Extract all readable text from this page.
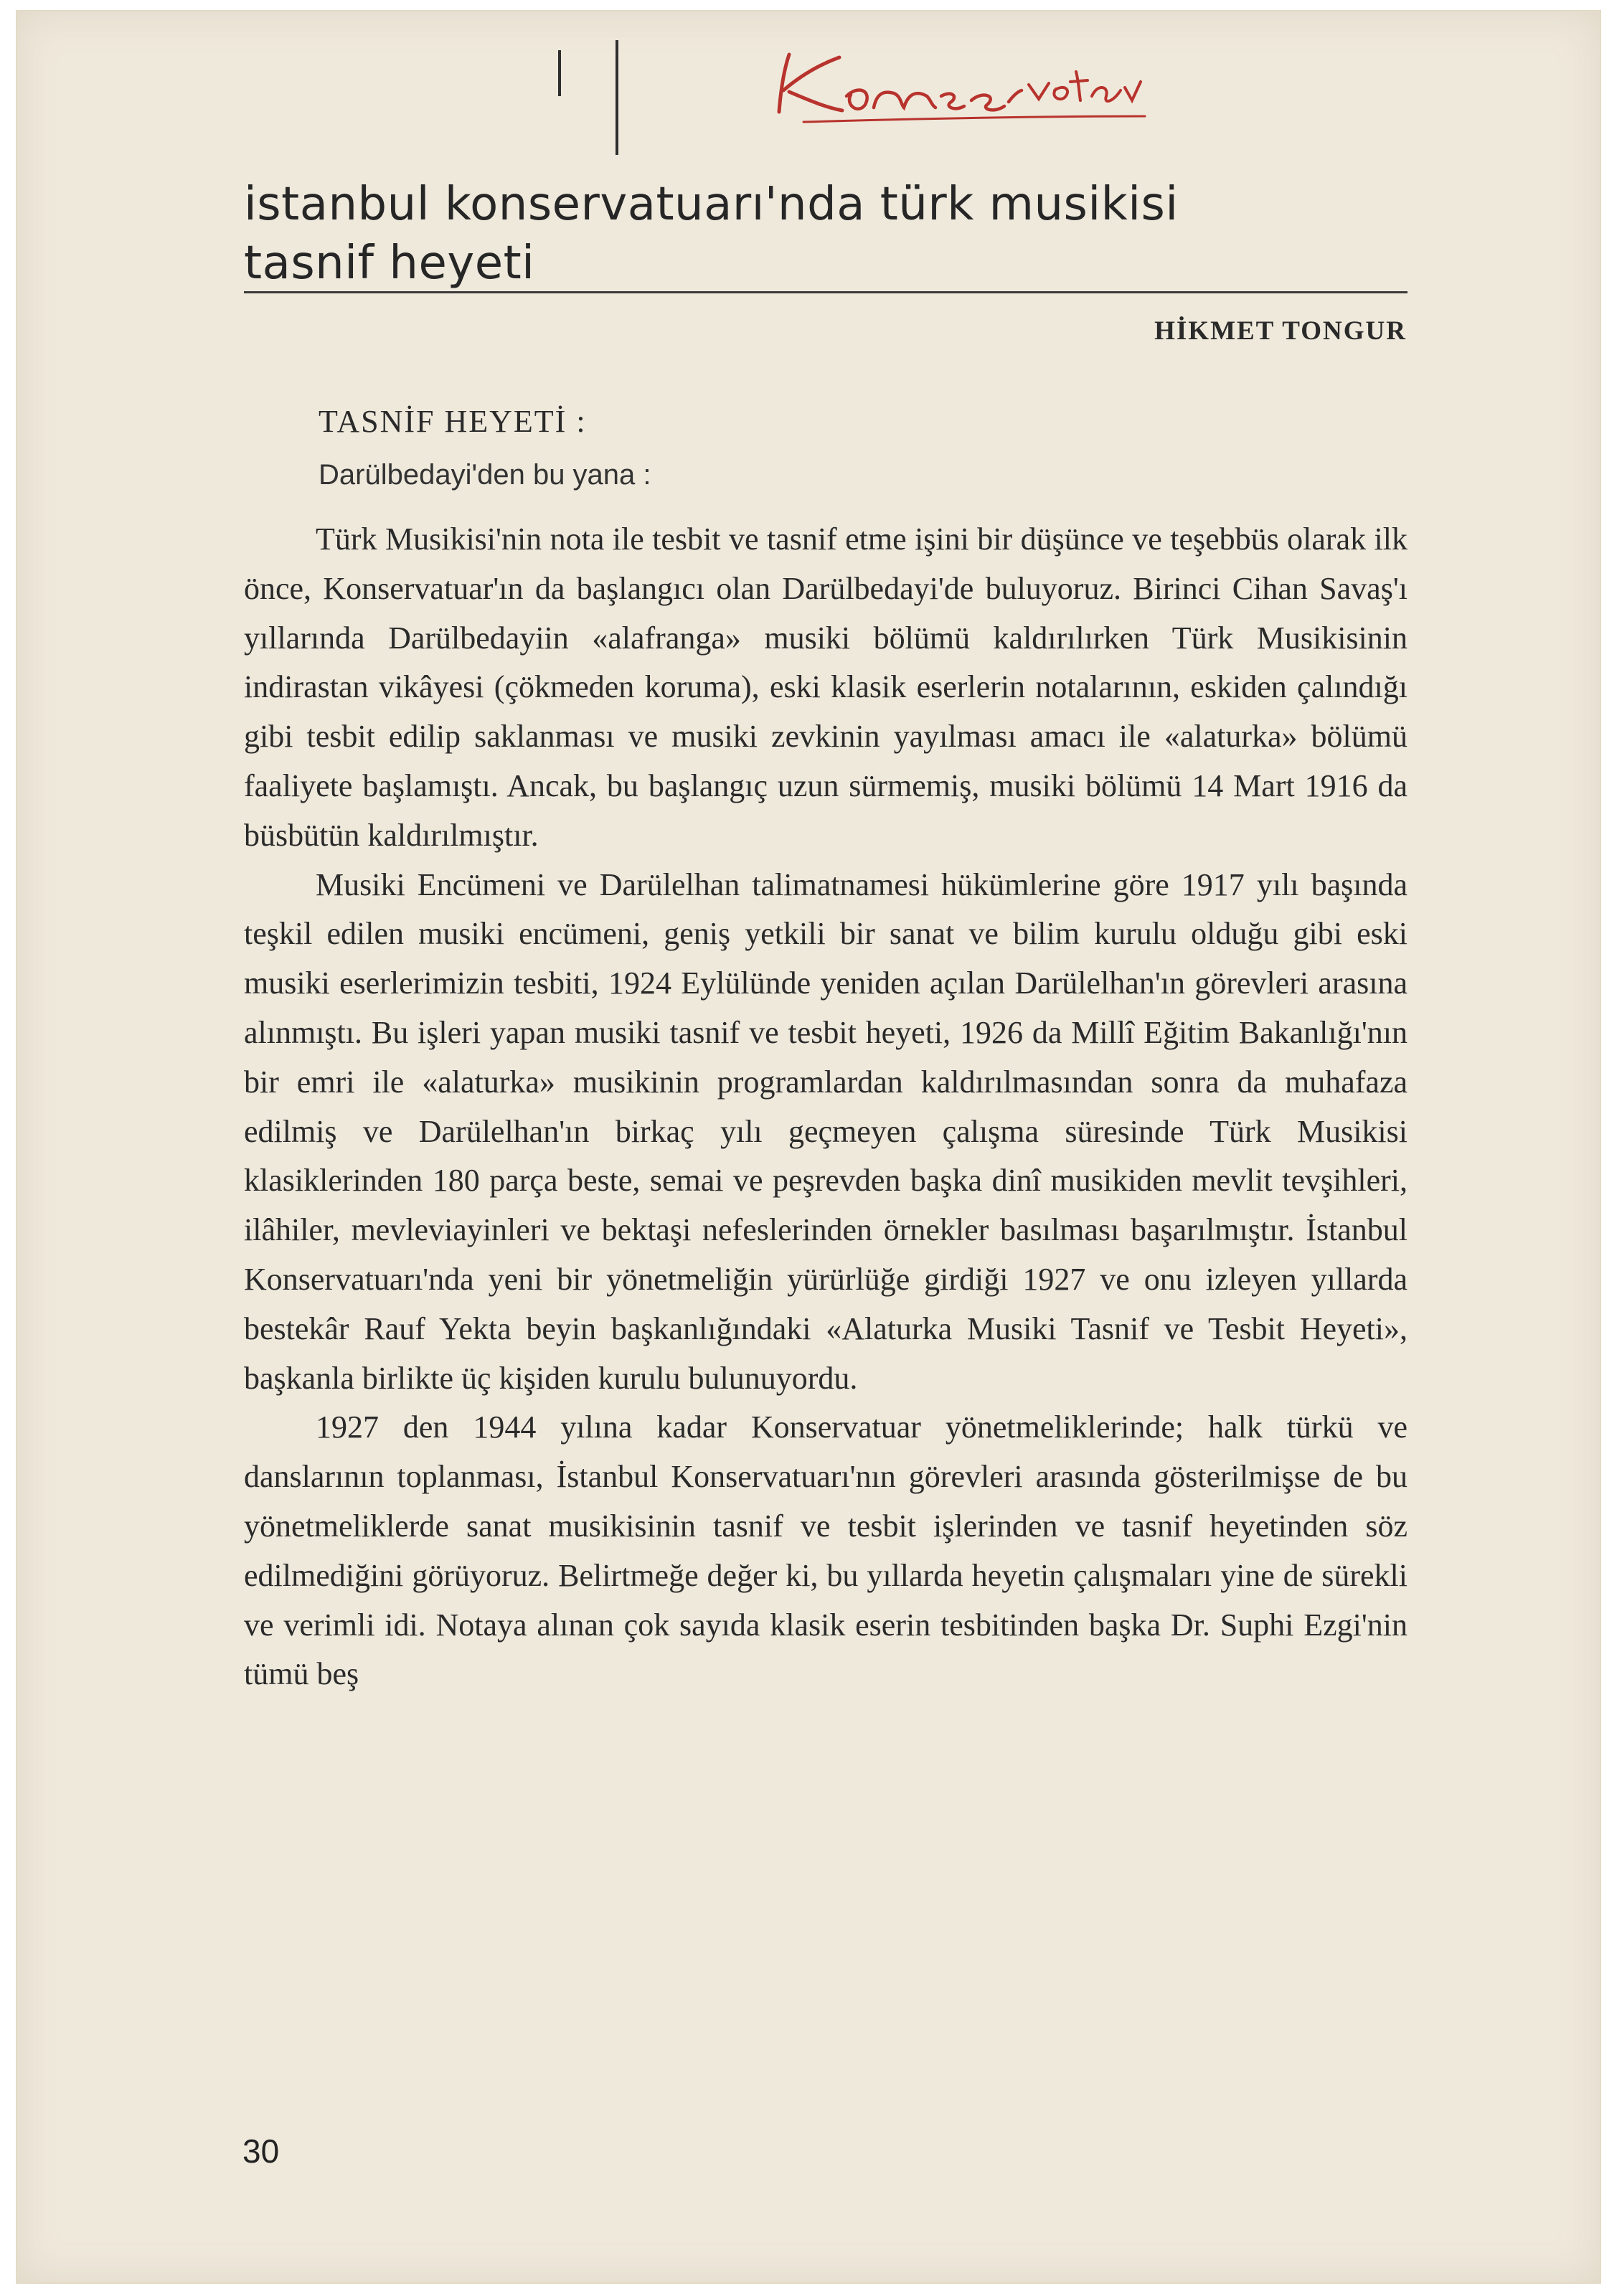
istanbul konservatuarı'nda türk musikisi
tasnif heyeti
HİKMET TONGUR
TASNİF HEYETİ :
Darülbedayi'den bu yana :

Türk Musikisi'nin nota ile tesbit ve tasnif etme işini bir düşünce ve teşebbüs olarak ilk önce, Konservatuar'ın da başlangıcı olan Darülbedayi'de buluyoruz. Birinci Cihan Savaş'ı yıllarında Darülbedayiin «alafranga» musiki bölümü kaldırılırken Türk Musikisinin indirastan vikâyesi (çökmeden koruma), eski klasik eserlerin notalarının, eskiden çalındığı gibi tesbit edilip saklanması ve musiki zevkinin yayılması amacı ile «alaturka» bölümü faaliyete başlamıştı. Ancak, bu başlangıç uzun sürmemiş, musiki bölümü 14 Mart 1916 da büsbütün kaldırılmıştır.

Musiki Encümeni ve Darülelhan talimatnamesi hükümlerine göre 1917 yılı başında teşkil edilen musiki encümeni, geniş yetkili bir sanat ve bilim kurulu olduğu gibi eski musiki eserlerimizin tesbiti, 1924 Eylülünde yeniden açılan Darülelhan'ın görevleri arasına alınmıştı. Bu işleri yapan musiki tasnif ve tesbit heyeti, 1926 da Millî Eğitim Bakanlığı'nın bir emri ile «alaturka» musikinin programlardan kaldırılmasından sonra da muhafaza edilmiş ve Darülelhan'ın birkaç yılı geçmeyen çalışma süresinde Türk Musikisi klasiklerinden 180 parça beste, semai ve peşrevden başka dinî musikiden mevlit tevşihleri, ilâhiler, mevleviayinleri ve bektaşi nefeslerinden örnekler basılması başarılmıştır. İstanbul Konservatuarı'nda yeni bir yönetmeliğin yürürlüğe girdiği 1927 ve onu izleyen yıllarda bestekâr Rauf Yekta beyin başkanlığındaki «Alaturka Musiki Tasnif ve Tesbit Heyeti», başkanla birlikte üç kişiden kurulu bulunuyordu.

1927 den 1944 yılına kadar Konservatuar yönetmeliklerinde; halk türkü ve danslarının toplanması, İstanbul Konservatuarı'nın görevleri arasında gösterilmişse de bu yönetmeliklerde sanat musikisinin tasnif ve tesbit işlerinden ve tasnif heyetinden söz edilmediğini görüyoruz. Belirtmeğe değer ki, bu yıllarda heyetin çalışmaları yine de sürekli ve verimli idi. Notaya alınan çok sayıda klasik eserin tesbitinden başka Dr. Suphi Ezgi'nin tümü beş

30
